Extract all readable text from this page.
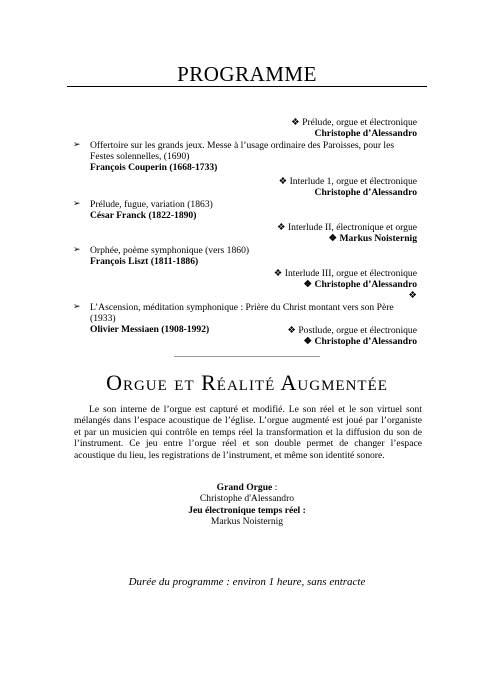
PROGRAMME
❖ Prélude, orgue et électronique
Christophe d’Alessandro
➢ Offertoire sur les grands jeux. Messe à l’usage ordinaire des Paroisses, pour les Festes solennelles, (1690)
François Couperin (1668-1733)
❖ Interlude 1, orgue et électronique
Christophe d’Alessandro
➢ Prélude, fugue, variation (1863)
César Franck (1822-1890)
❖ Interlude II, électronique et orgue
❖ Markus Noisternig
➢ Orphée, poème symphonique (vers 1860)
François Liszt (1811-1886)
❖ Interlude III, orgue et électronique
❖ Christophe d’Alessandro
❖
➢ L’Ascension, méditation symphonique : Prière du Christ montant vers son Père (1933)
Olivier Messiaen (1908-1992)	❖ Postlude, orgue et électronique
❖ Christophe d’Alessandro
Orgue et Réalité Augmentée
Le son interne de l’orgue est capturé et modifié. Le son réel et le son virtuel sont mélangés dans l’espace acoustique de l’église. L’orgue augmenté est joué par l’organiste et par un musicien qui contrôle en temps réel la transformation et la diffusion du son de l’instrument. Ce jeu entre l’orgue réel et son double permet de changer l’espace acoustique du lieu, les registrations de l’instrument, et même son identité sonore.
Grand Orgue :
Christophe d'Alessandro
Jeu électronique temps réel :
Markus Noisternig
Durée du programme : environ 1 heure, sans entracte
